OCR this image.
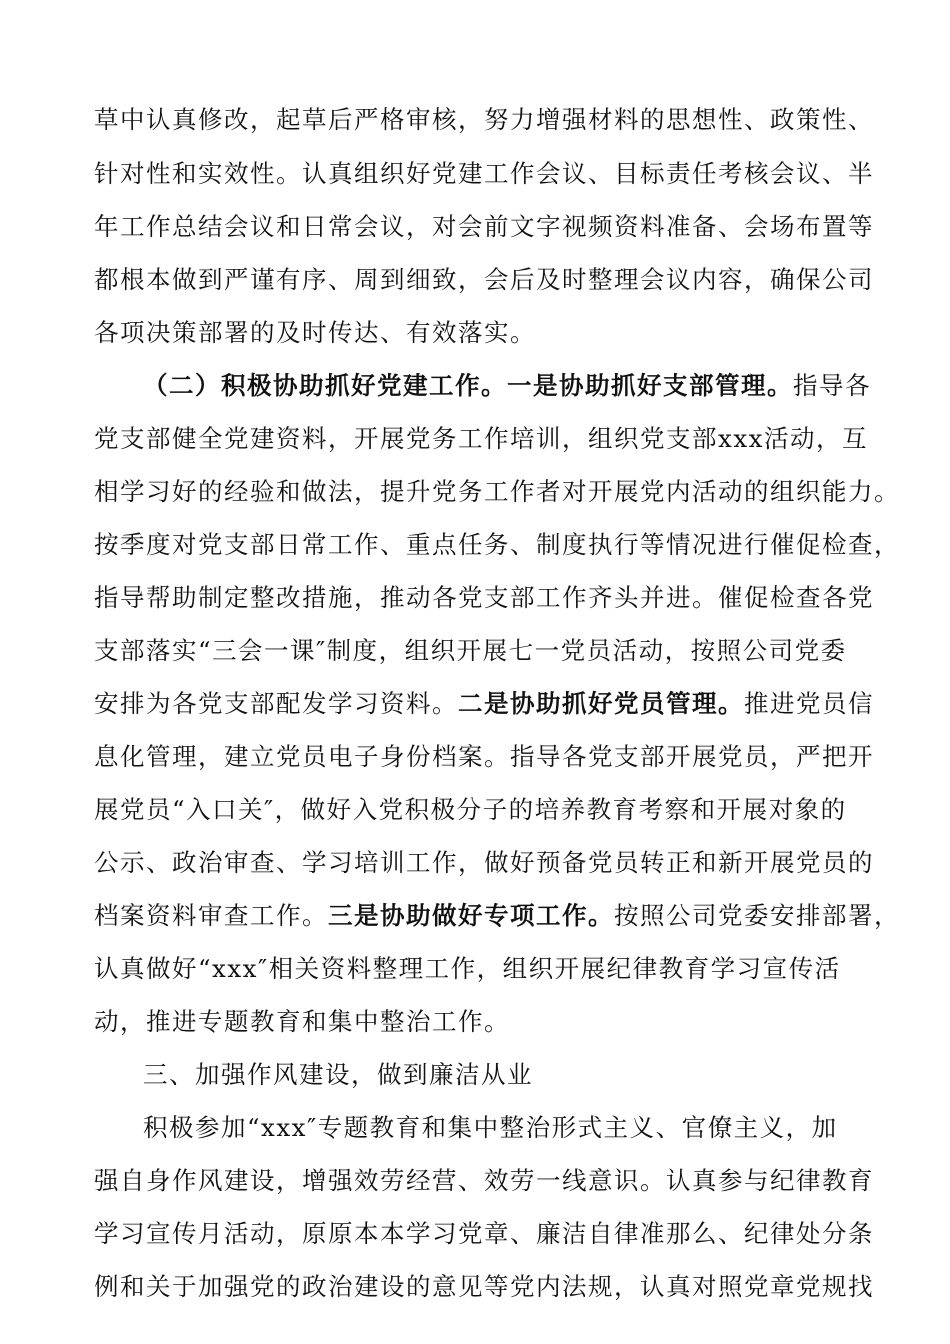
草中认真修改，起草后严格审核，努力增强材料的思想性、政策性、
针对性和实效性。认真组织好党建工作会议、目标责任考核会议、半
年工作总结会议和日常会议，对会前文字视频资料准备、会场布置等
都根本做到严谨有序、周到细致，会后及时整理会议内容，确保公司
各项决策部署的及时传达、有效落实。
（二）积极协助抓好党建工作。一是协助抓好支部管理。指导各
党支部健全党建资料，开展党务工作培训，组织党支部xxx活动，互
相学习好的经验和做法，提升党务工作者对开展党内活动的组织能力。
按季度对党支部日常工作、重点任务、制度执行等情况进行催促检查，
指导帮助制定整改措施，推动各党支部工作齐头并进。催促检查各党
支部落实“三会一课″制度，组织开展七一党员活动，按照公司党委
安排为各党支部配发学习资料。二是协助抓好党员管理。推进党员信
息化管理，建立党员电子身份档案。指导各党支部开展党员，严把开
展党员“入口关″，做好入党积极分子的培养教育考察和开展对象的
公示、政治审查、学习培训工作，做好预备党员转正和新开展党员的
档案资料审查工作。三是协助做好专项工作。按照公司党委安排部署，
认真做好“xxx″相关资料整理工作，组织开展纪律教育学习宣传活
动，推进专题教育和集中整治工作。
三、加强作风建设，做到廉洁从业
积极参加“xxx″专题教育和集中整治形式主义、官僚主义，加
强自身作风建设，增强效劳经营、效劳一线意识。认真参与纪律教育
学习宣传月活动，原原本本学习党章、廉洁自律准那么、纪律处分条
例和关于加强党的政治建设的意见等党内法规，认真对照党章党规找
